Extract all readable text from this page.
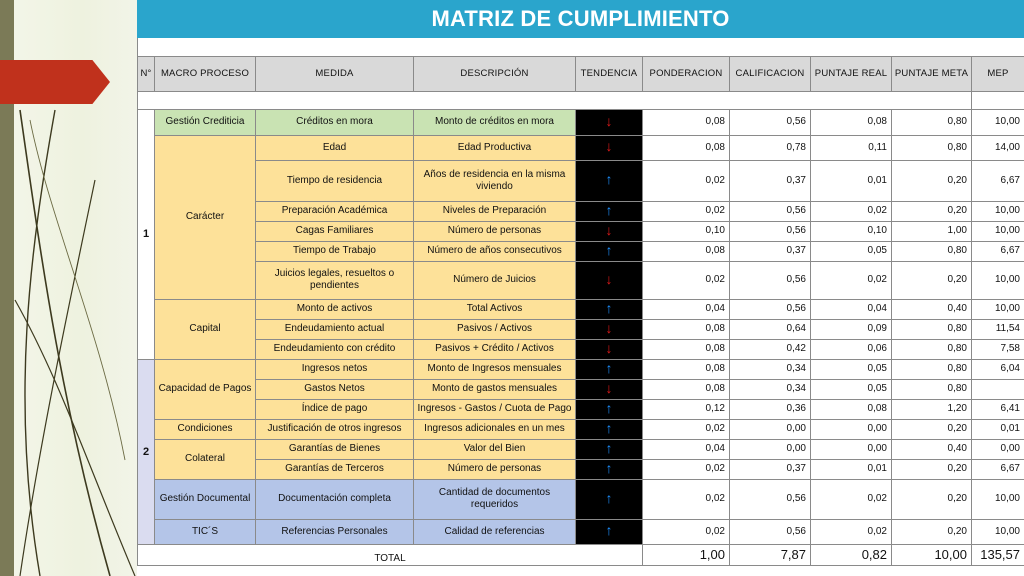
MATRIZ DE CUMPLIMIENTO

N°	MACRO PROCESO	MEDIDA	DESCRIPCIÓN	TENDENCIA	PONDERACION	CALIFICACION	PUNTAJE REAL	PUNTAJE META	MEP

1	Gestión Crediticia	Créditos en mora	Monto de créditos en mora	↓	0,08	0,56	0,08	0,80	10,00
	Carácter	Edad	Edad Productiva	↓	0,08	0,78	0,11	0,80	14,00
		Tiempo de residencia	Años de residencia en la misma viviendo	↑	0,02	0,37	0,01	0,20	6,67
		Preparación Académica	Niveles de Preparación	↑	0,02	0,56	0,02	0,20	10,00
		Cagas Familiares	Número de personas	↓	0,10	0,56	0,10	1,00	10,00
		Tiempo de Trabajo	Número de años consecutivos	↑	0,08	0,37	0,05	0,80	6,67
		Juicios legales, resueltos o pendientes	Número de Juicios	↓	0,02	0,56	0,02	0,20	10,00
	Capital	Monto de activos	Total Activos	↑	0,04	0,56	0,04	0,40	10,00
		Endeudamiento actual	Pasivos / Activos	↓	0,08	0,64	0,09	0,80	11,54
		Endeudamiento con crédito	Pasivos + Crédito / Activos	↓	0,08	0,42	0,06	0,80	7,58
2	Capacidad de Pagos	Ingresos netos	Monto de Ingresos mensuales	↑	0,08	0,34	0,05	0,80	6,04
		Gastos Netos	Monto de gastos mensuales	↓	0,08	0,34	0,05	0,80	
		Índice de pago	Ingresos - Gastos / Cuota de Pago	↑	0,12	0,36	0,08	1,20	6,41
	Condiciones	Justificación de otros ingresos	Ingresos adicionales en un mes	↑	0,02	0,00	0,00	0,20	0,01
	Colateral	Garantías de Bienes	Valor del Bien	↑	0,04	0,00	0,00	0,40	0,00
		Garantías de Terceros	Número de personas	↑	0,02	0,37	0,01	0,20	6,67
	Gestión Documental	Documentación completa	Cantidad de documentos requeridos	↑	0,02	0,56	0,02	0,20	10,00
	TIC´S	Referencias Personales	Calidad de referencias	↑	0,02	0,56	0,02	0,20	10,00
TOTAL					1,00	7,87	0,82	10,00	135,57
